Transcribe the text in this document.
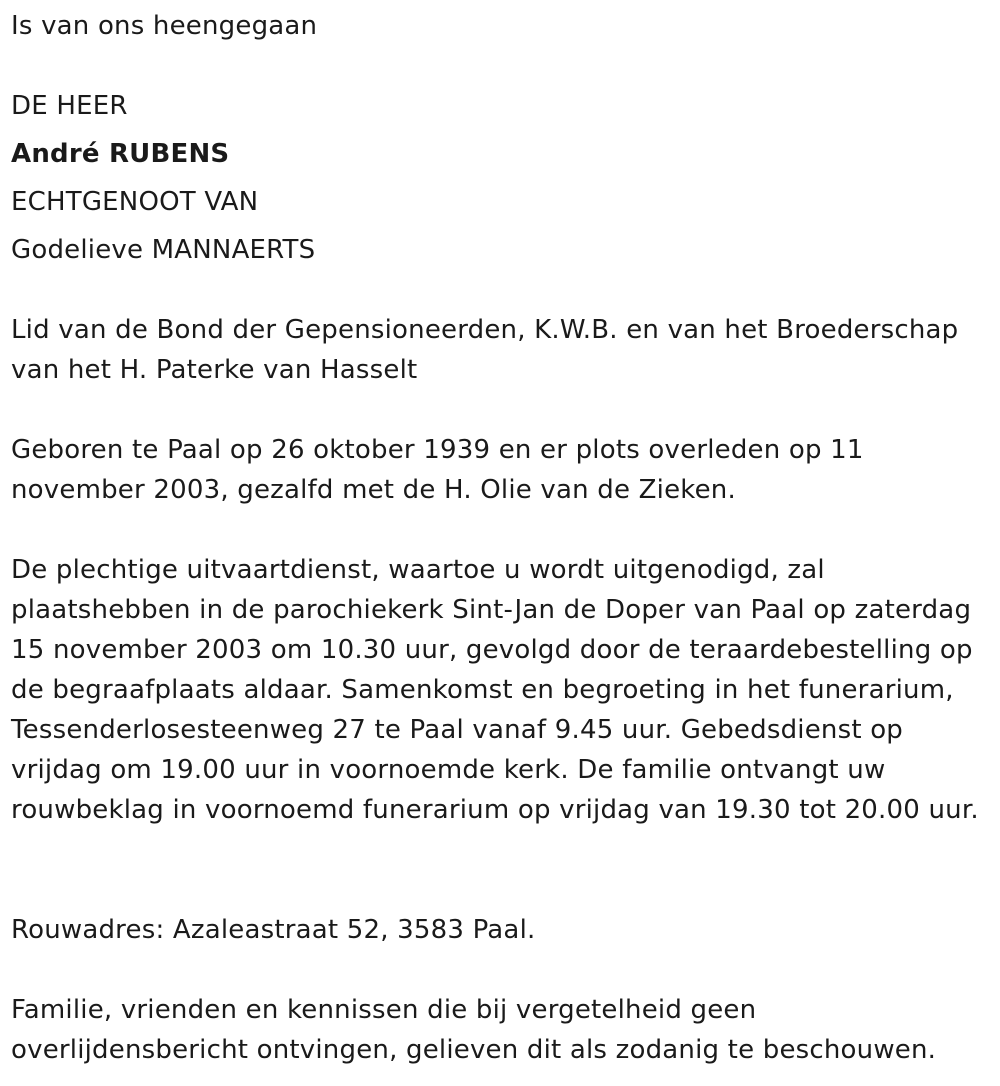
Is van ons heengegaan
DE HEER
André RUBENS
ECHTGENOOT VAN
Godelieve MANNAERTS
Lid van de Bond der Gepensioneerden, K.W.B. en van het Broederschap van het H. Paterke van Hasselt
Geboren te Paal op 26 oktober 1939 en er plots overleden op 11 november 2003, gezalfd met de H. Olie van de Zieken.
De plechtige uitvaartdienst, waartoe u wordt uitgenodigd, zal plaatshebben in de parochiekerk Sint-Jan de Doper van Paal op zaterdag 15 november 2003 om 10.30 uur, gevolgd door de teraardebestelling op de begraafplaats aldaar. Samenkomst en begroeting in het funerarium, Tessenderlosesteenweg 27 te Paal vanaf 9.45 uur. Gebedsdienst op vrijdag om 19.00 uur in voornoemde kerk. De familie ontvangt uw rouwbeklag in voornoemd funerarium op vrijdag van 19.30 tot 20.00 uur.
Rouwadres: Azaleastraat 52, 3583 Paal.
Familie, vrienden en kennissen die bij vergetelheid geen overlijdensbericht ontvingen, gelieven dit als zodanig te beschouwen.
